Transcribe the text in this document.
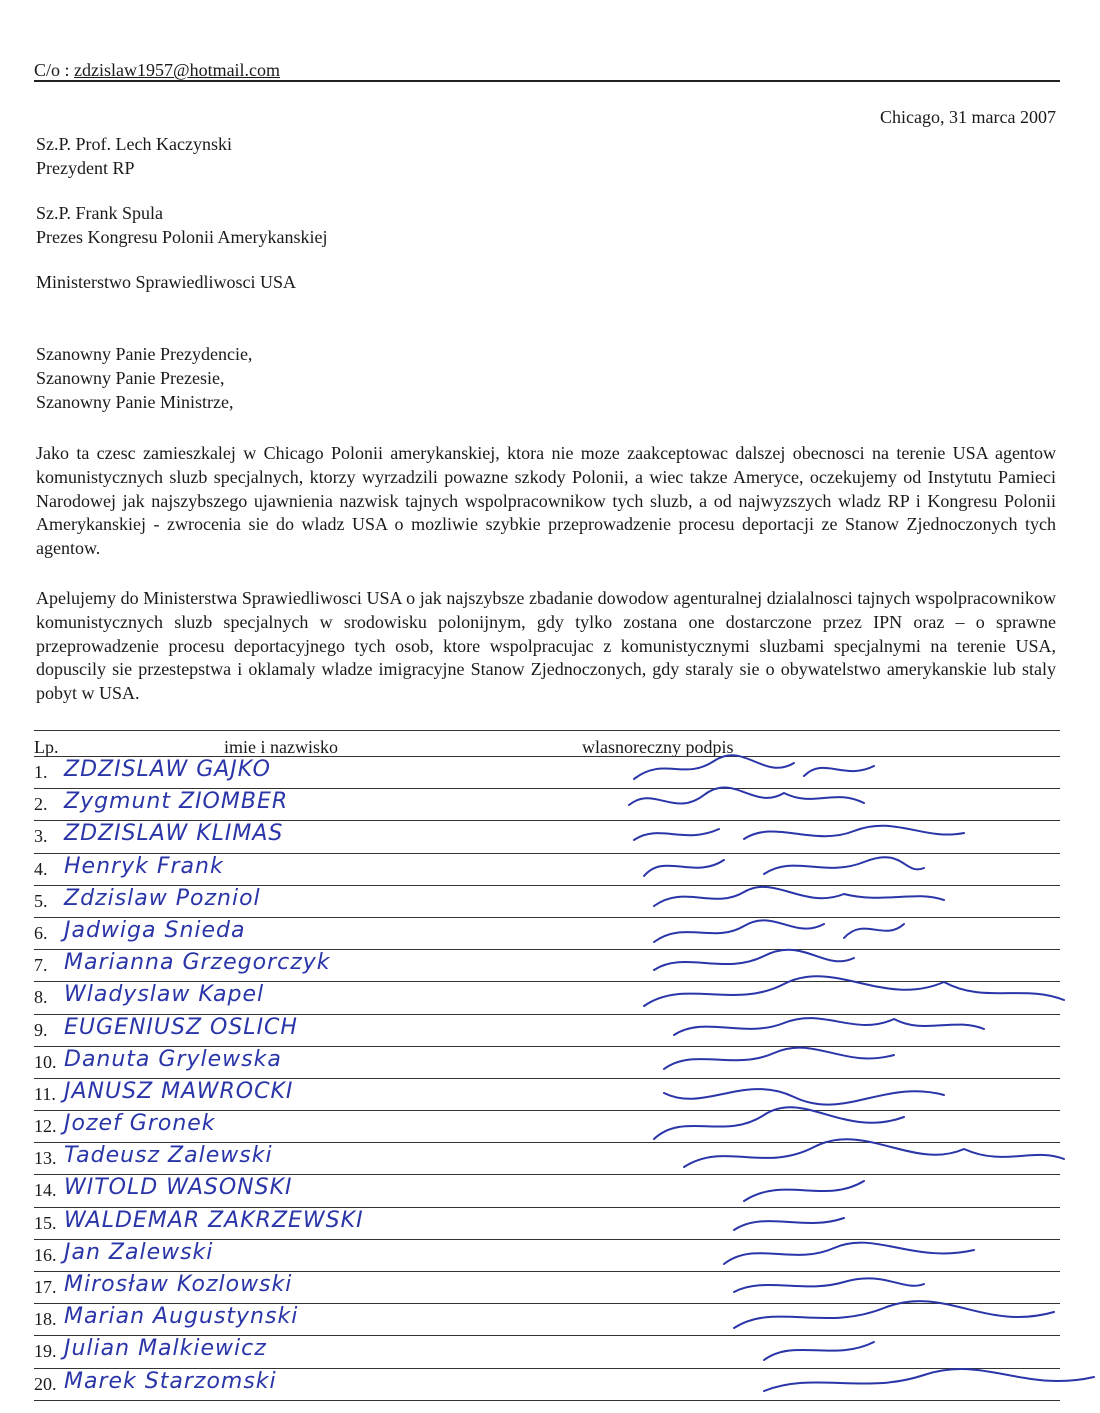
C/o : zdzislaw1957@hotmail.com
Chicago, 31 marca 2007
Sz.P. Prof. Lech Kaczynski
Prezydent RP
Sz.P. Frank Spula
Prezes Kongresu Polonii Amerykanskiej
Ministerstwo Sprawiedliwosci USA
Szanowny Panie Prezydencie,
Szanowny Panie Prezesie,
Szanowny Panie Ministrze,
Jako ta czesc zamieszkalej w Chicago Polonii amerykanskiej, ktora nie moze zaakceptowac dalszej obecnosci na terenie USA agentow komunistycznych sluzb specjalnych, ktorzy wyrzadzili powazne szkody Polonii, a wiec takze Ameryce, oczekujemy od Instytutu Pamieci Narodowej jak najszybszego ujawnienia nazwisk tajnych wspolpracownikow tych sluzb, a od najwyzszych wladz RP i Kongresu Polonii Amerykanskiej - zwrocenia sie do wladz USA o mozliwie szybkie przeprowadzenie procesu deportacji ze Stanow Zjednoczonych tych agentow.
Apelujemy do Ministerstwa Sprawiedliwosci USA o jak najszybsze zbadanie dowodow agenturalnej dzialalnosci tajnych wspolpracownikow komunistycznych sluzb specjalnych w srodowisku polonijnym, gdy tylko zostana one dostarczone przez IPN oraz – o sprawne przeprowadzenie procesu deportacyjnego tych osob, ktore wspolpracujac z komunistycznymi sluzbami specjalnymi na terenie USA, dopuscily sie przestepstwa i oklamaly wladze imigracyjne Stanow Zjednoczonych, gdy staraly sie o obywatelstwo amerykanskie lub staly pobyt w USA.
Lp.	imie i nazwisko	wlasnoreczny podpis
1. ZDZISLAW GAJKO
2. Zygmunt ZIOMBER
3. ZDZISLAW KLIMAS
4. Henryk Frank
5. Zdzislaw Pozniol
6. Jadwiga Snieda
7. Marianna Grzegorczyk
8. Wladyslaw Kapel
9. EUGENIUSZ OSLICH
10. Danuta Grylewska
11. JANUSZ MAWROCKI
12. Jozef Gronek
13. Tadeusz Zalewski
14. WITOLD WASONSKI
15. WALDEMAR ZAKRZEWSKI
16. Jan Zalewski
17. Mirosław Kozlowski
18. Marian Augustynski
19. Julian Malkiewicz
20. Marek Starzomski
